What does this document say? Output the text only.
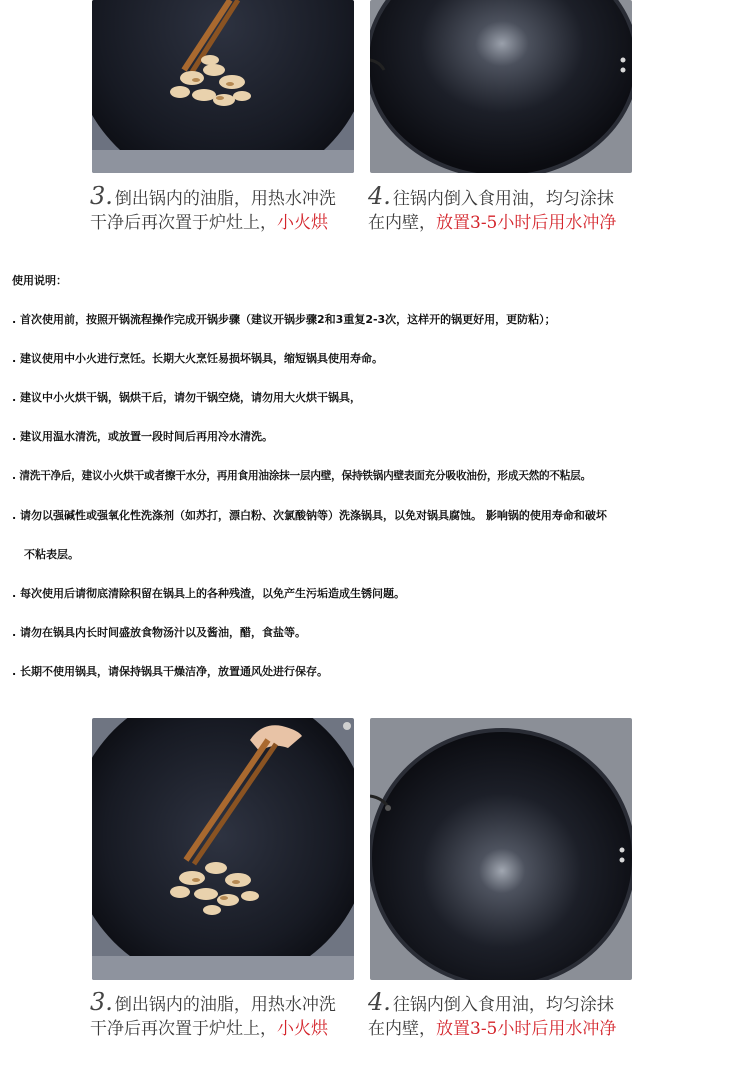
3. 倒出锅内的油脂，用热水冲洗
干净后再次置于炉灶上，小火烘
4. 往锅内倒入食用油，均匀涂抹
在内壁，放置3-5小时后用水冲净
使用说明：
. 首次使用前，按照开锅流程操作完成开锅步骤（建议开锅步骤2和3重复2-3次，这样开的锅更好用，更防粘）；
. 建议使用中小火进行烹饪。长期大火烹饪易损坏锅具，缩短锅具使用寿命。
. 建议中小火烘干锅，锅烘干后，请勿干锅空烧，请勿用大火烘干锅具，
. 建议用温水清洗，或放置一段时间后再用冷水清洗。
. 清洗干净后，建议小火烘干或者擦干水分，再用食用油涂抹一层内壁，保持铁锅内壁表面充分吸收油份，形成天然的不粘层。
. 请勿以强碱性或强氧化性洗涤剂（如苏打，漂白粉、次氯酸钠等）洗涤锅具，以免对锅具腐蚀。 影响锅的使用寿命和破坏
不粘表层。
. 每次使用后请彻底清除积留在锅具上的各种残渣，以免产生污垢造成生锈问题。
. 请勿在锅具内长时间盛放食物汤汁以及酱油，醋，食盐等。
. 长期不使用锅具，请保持锅具干燥洁净，放置通风处进行保存。
3. 倒出锅内的油脂，用热水冲洗
干净后再次置于炉灶上，小火烘
4. 往锅内倒入食用油，均匀涂抹
在内壁，放置3-5小时后用水冲净
